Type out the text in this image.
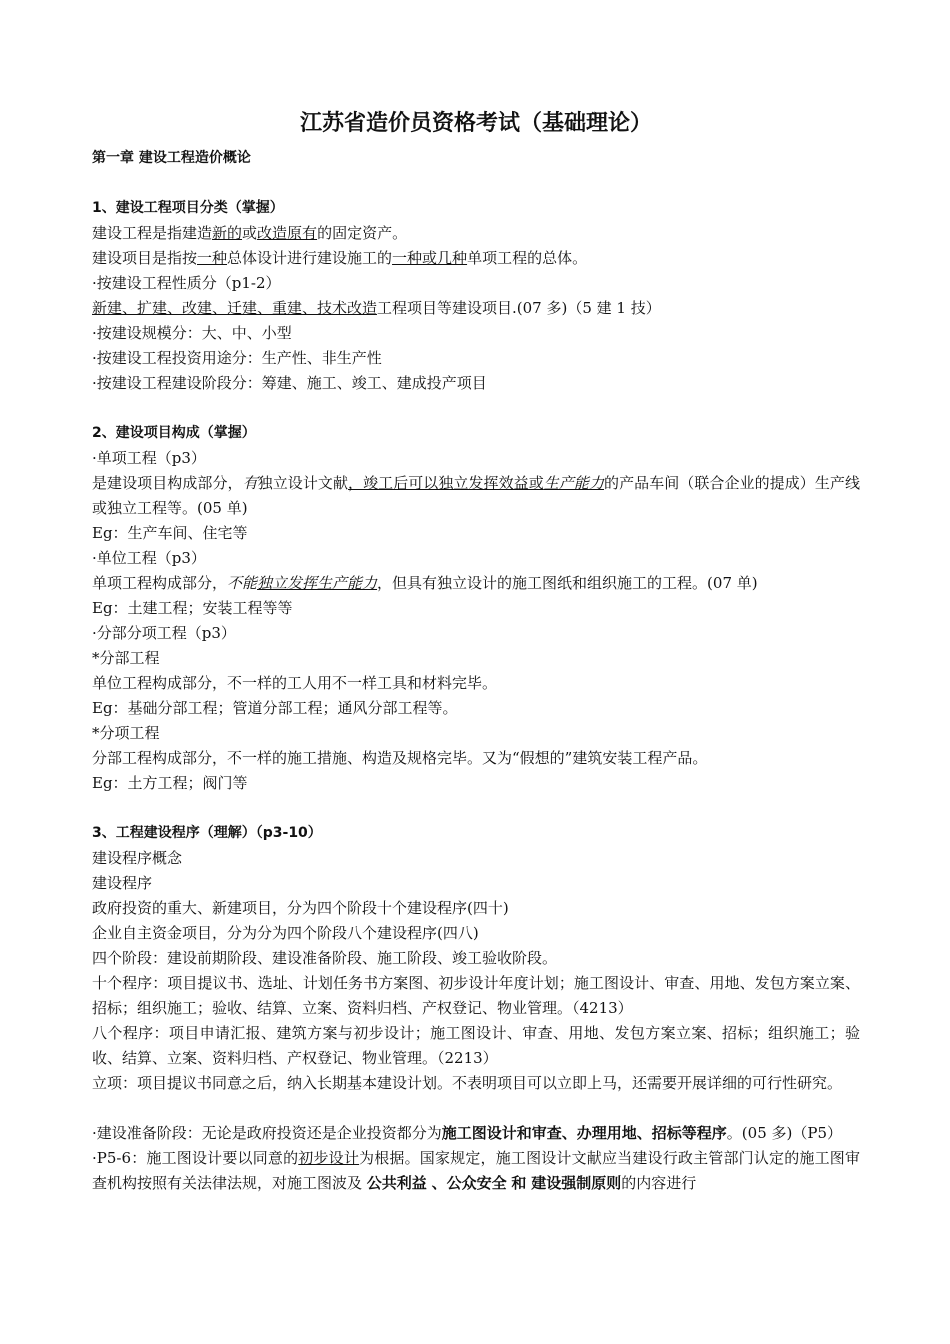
江苏省造价员资格考试（基础理论）

第一章 建设工程造价概论

1、建设工程项目分类（掌握）

建设工程是指建造新的或改造原有的固定资产。

建设项目是指按一种总体设计进行建设施工的一种或几种单项工程的总体。

·按建设工程性质分（p1-2）

新建、扩建、改建、迁建、重建、技术改造工程项目等建设项目.(07 多)（5 建 1 技）

·按建设规模分：大、中、小型

·按建设工程投资用途分：生产性、非生产性

·按建设工程建设阶段分：筹建、施工、竣工、建成投产项目

2、建设项目构成（掌握）

·单项工程（p3）

是建设项目构成部分，有独立设计文献，竣工后可以独立发挥效益或生产能力的产品车间（联合企业的提成）生产线或独立工程等。(05 单)

Eg：生产车间、住宅等

·单位工程（p3）

单项工程构成部分，不能独立发挥生产能力，但具有独立设计的施工图纸和组织施工的工程。(07 单)

Eg：土建工程；安装工程等等

·分部分项工程（p3）

*分部工程

单位工程构成部分，不一样的工人用不一样工具和材料完毕。

Eg：基础分部工程；管道分部工程；通风分部工程等。

*分项工程

分部工程构成部分，不一样的施工措施、构造及规格完毕。又为“假想的”建筑安装工程产品。

Eg：土方工程；阀门等

3、工程建设程序（理解）（p3-10）

建设程序概念

建设程序

政府投资的重大、新建项目，分为四个阶段十个建设程序(四十)

企业自主资金项目，分为分为四个阶段八个建设程序(四八)

四个阶段：建设前期阶段、建设准备阶段、施工阶段、竣工验收阶段。

十个程序：项目提议书、选址、计划任务书方案图、初步设计年度计划；施工图设计、审查、用地、发包方案立案、招标；组织施工；验收、结算、立案、资料归档、产权登记、物业管理。（4213）

八个程序：项目申请汇报、建筑方案与初步设计；施工图设计、审查、用地、发包方案立案、招标；组织施工；验收、结算、立案、资料归档、产权登记、物业管理。（2213）

立项：项目提议书同意之后，纳入长期基本建设计划。不表明项目可以立即上马，还需要开展详细的可行性研究。

·建设准备阶段：无论是政府投资还是企业投资都分为施工图设计和审查、办理用地、招标等程序。(05 多)（P5）

·P5-6：施工图设计要以同意的初步设计为根据。国家规定，施工图设计文献应当建设行政主管部门认定的施工图审查机构按照有关法律法规，对施工图波及 公共利益 、公众安全 和 建设强制原则的内容进行
